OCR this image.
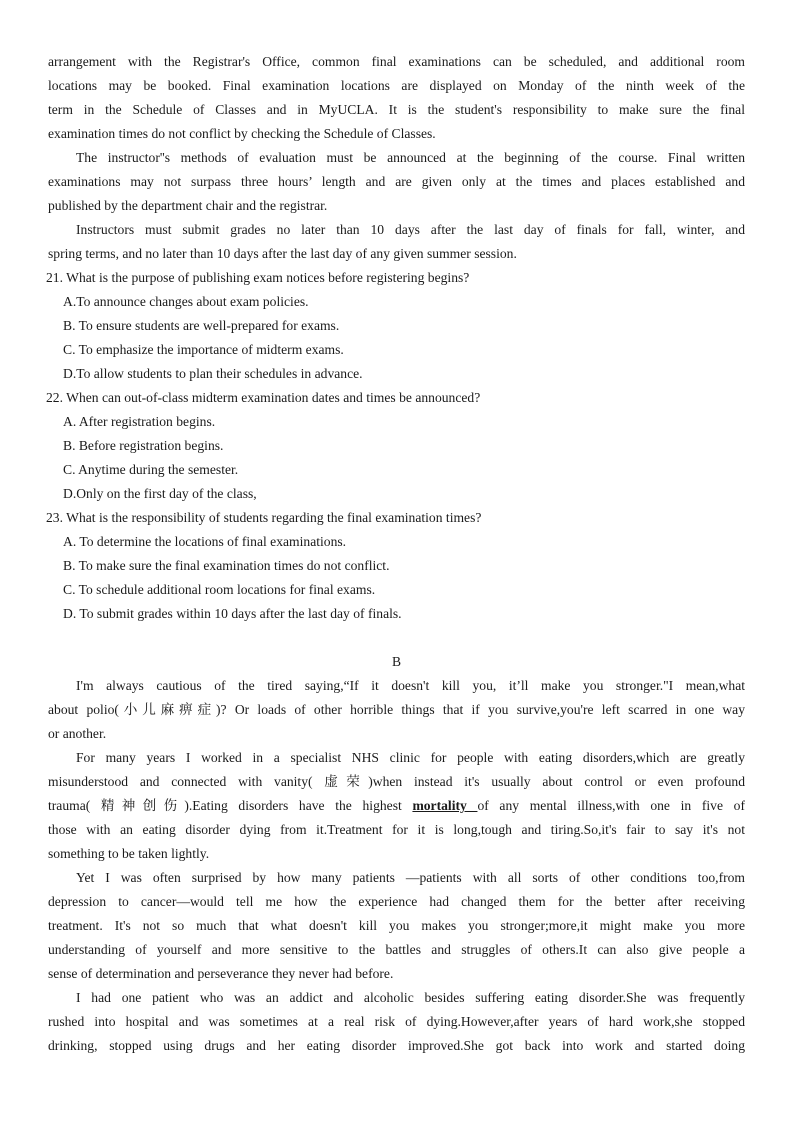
arrangement with the Registrar's Office, common final examinations can be scheduled, and additional room
locations may be booked. Final examination locations are displayed on Monday of the ninth week of the
term in the Schedule of Classes and in MyUCLA. It is the student's responsibility to make sure the final
examination times do not conflict by checking the Schedule of Classes.
The instructor''s methods of evaluation must be announced at the beginning of the course. Final written
examinations may not surpass three hours’ length and are given only at the times and places established and
published by the department chair and the registrar.
Instructors must submit grades no later than 10 days after the last day of finals for fall, winter, and
spring terms, and no later than 10 days after the last day of any given summer session.
21. What is the purpose of publishing exam notices before registering begins?
A.To announce changes about exam policies.
B. To ensure students are well-prepared for exams.
C. To emphasize the importance of midterm exams.
D.To allow students to plan their schedules in advance.
22. When can out-of-class midterm examination dates and times be announced?
A. After registration begins.
B. Before registration begins.
C. Anytime during the semester.
D.Only on the first day of the class,
23. What is the responsibility of students regarding the final examination times?
A. To determine the locations of final examinations.
B. To make sure the final examination times do not conflict.
C. To schedule additional room locations for final exams.
D. To submit grades within 10 days after the last day of finals.
B
I'm always cautious of the tired saying,“If it doesn't kill you, it’ll make you stronger."I mean,what
about polio(小儿麻痹症)? Or loads of other horrible things that if you survive,you're left scarred in one way
or another.
For many years I worked in a specialist NHS clinic for people with eating disorders,which are greatly
misunderstood and connected with vanity( 虚荣)when instead it's usually about control or even profound
trauma( 精神创伤).Eating disorders have the highest mortality of any mental illness,with one in five of
those with an eating disorder dying from it.Treatment for it is long,tough and tiring.So,it's fair to say it's not
something to be taken lightly.
Yet I was often surprised by how many patients —patients with all sorts of other conditions too,from
depression to cancer—would tell me how the experience had changed them for the better after receiving
treatment. It's not so much that what doesn't kill you makes you stronger;more,it might make you more
understanding of yourself and more sensitive to the battles and struggles of others.It can also give people a
sense of determination and perseverance they never had before.
I had one patient who was an addict and alcoholic besides suffering eating disorder.She was frequently
rushed into hospital and was sometimes at a real risk of dying.However,after years of hard work,she stopped
drinking, stopped using drugs and her eating disorder improved.She got back into work and started doing
